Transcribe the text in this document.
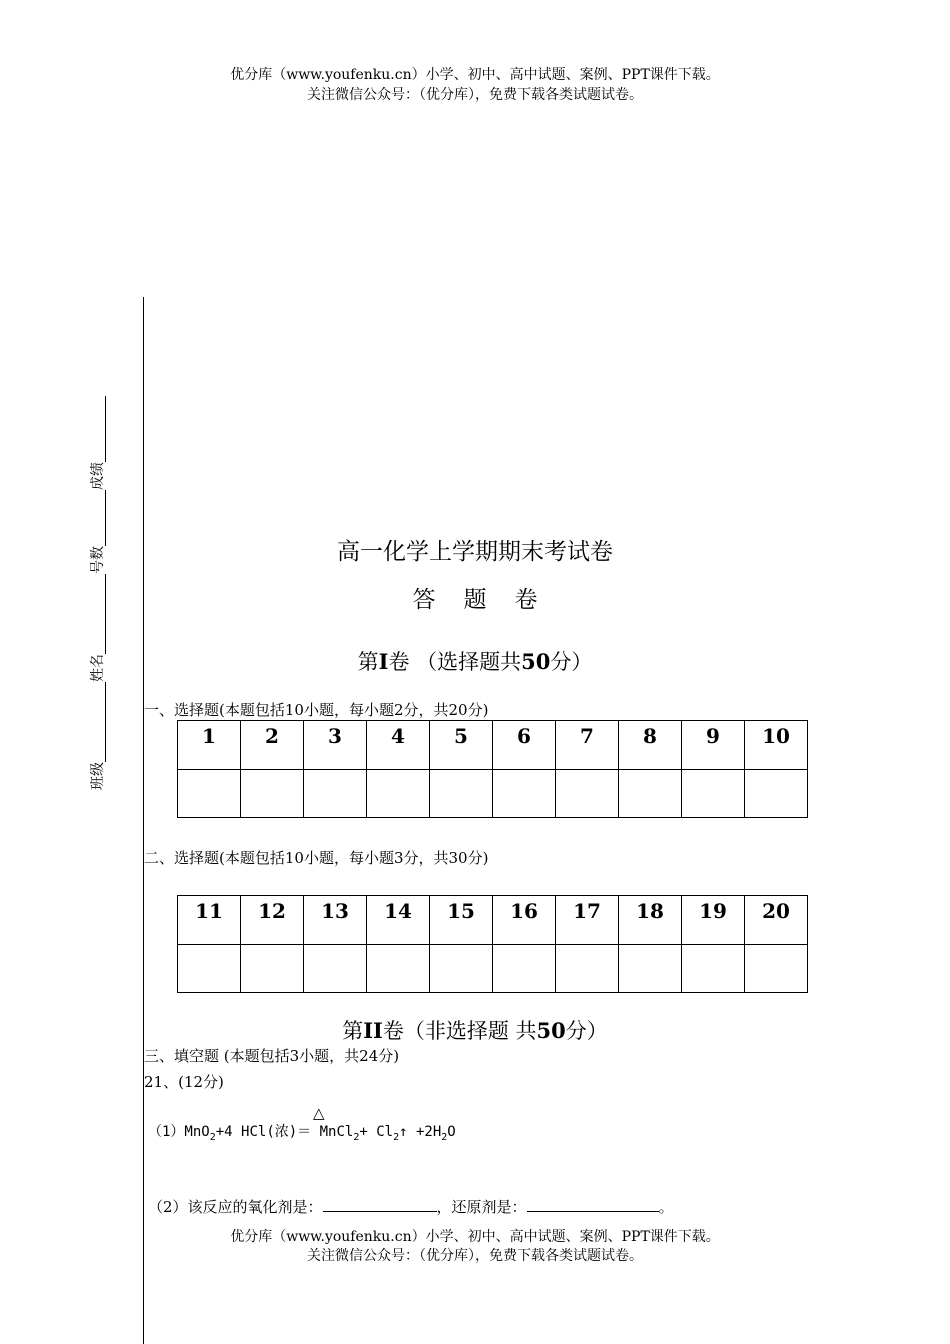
优分库（www.youfenku.cn）小学、初中、高中试题、案例、PPT课件下载。
关注微信公众号：（优分库），免费下载各类试题试卷。
班级姓名号数成绩
高一化学上学期期末考试卷
答题卷
第I卷 （选择题共50分）
一、选择题(本题包括10小题，每小题2分，共20分)
1	2	3	4	5	6	7	8	9	10

二、选择题(本题包括10小题，每小题3分，共30分)
11	12	13	14	15	16	17	18	19	20

第II卷（非选择题 共50分）
三、填空题 (本题包括3小题，共24分)
21、(12分)
△
（1）MnO$_2$+4 HCl(浓)＝ MnCl$_2$+ $Cl_2↑ +2H_2O$
（2）该反应的氧化剂是：	，还原剂是：	。
优分库（www.youfenku.cn）小学、初中、高中试题、案例、PPT课件下载。
关注微信公众号：（优分库），免费下载各类试题试卷。
